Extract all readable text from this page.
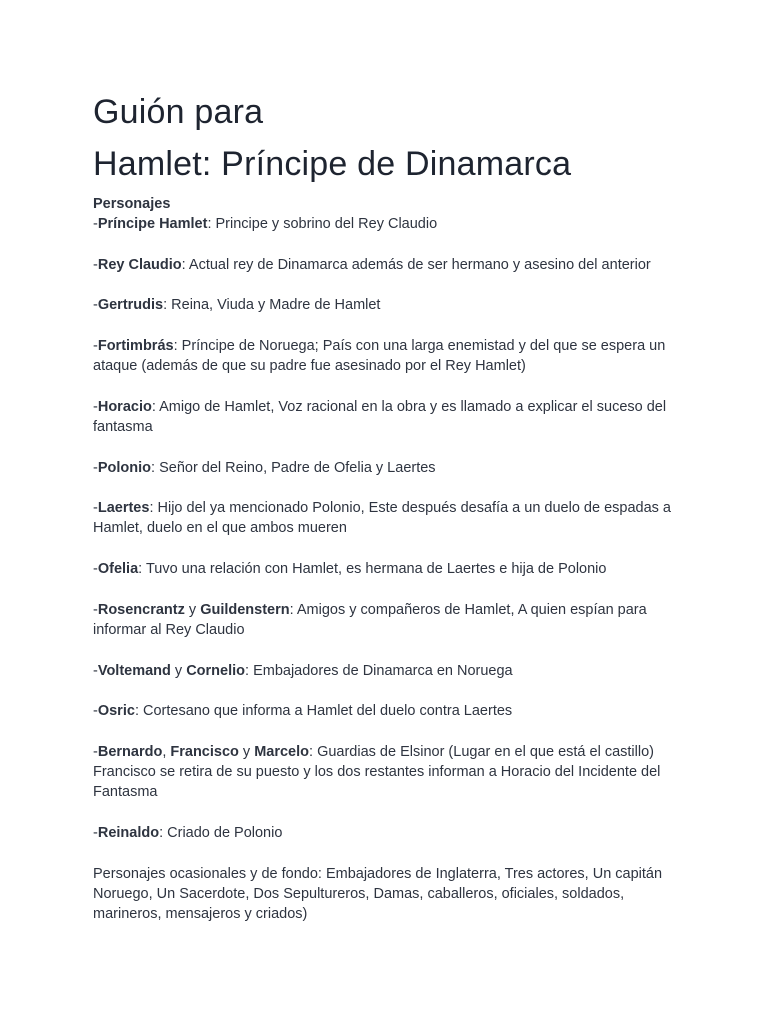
Guión para
Hamlet: Príncipe de Dinamarca
Personajes

-Príncipe Hamlet: Principe y sobrino del Rey Claudio

-Rey Claudio: Actual rey de Dinamarca además de ser hermano y asesino del anterior

-Gertrudis: Reina, Viuda y Madre de Hamlet

-Fortimbrás: Príncipe de Noruega; País con una larga enemistad y del que se espera un ataque (además de que su padre fue asesinado por el Rey Hamlet)

-Horacio: Amigo de Hamlet, Voz racional en la obra y es llamado a explicar el suceso del fantasma

-Polonio: Señor del Reino, Padre de Ofelia y Laertes

-Laertes: Hijo del ya mencionado Polonio, Este después desafía a un duelo de espadas a Hamlet, duelo en el que ambos mueren

-Ofelia: Tuvo una relación con Hamlet, es hermana de Laertes e hija de Polonio

-Rosencrantz y Guildenstern: Amigos y compañeros de Hamlet, A quien espían para informar al Rey Claudio

-Voltemand y Cornelio: Embajadores de Dinamarca en Noruega

-Osric: Cortesano que informa a Hamlet del duelo contra Laertes

-Bernardo, Francisco y Marcelo: Guardias de Elsinor (Lugar en el que está el castillo) Francisco se retira de su puesto y los dos restantes informan a Horacio del Incidente del Fantasma

-Reinaldo: Criado de Polonio

Personajes ocasionales y de fondo: Embajadores de Inglaterra, Tres actores, Un capitán Noruego, Un Sacerdote, Dos Sepultureros, Damas, caballeros, oficiales, soldados, marineros, mensajeros y criados)
